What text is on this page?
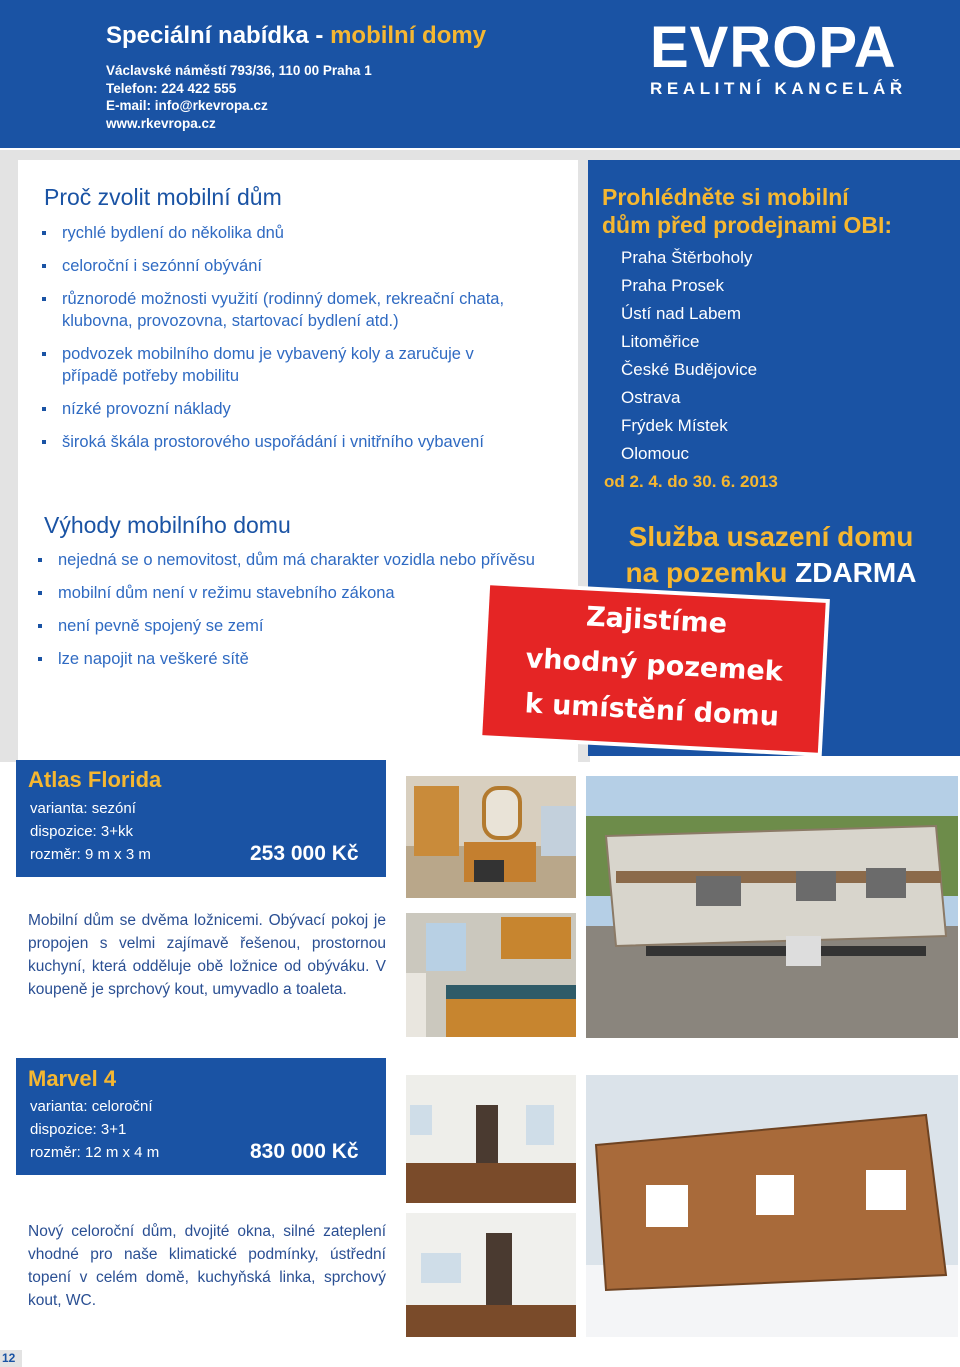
Speciální nabídka - mobilní domy
Václavské náměstí 793/36, 110 00 Praha 1
Telefon: 224 422 555
E-mail: info@rkevropa.cz
www.rkevropa.cz
EVROPA
REALITNÍ KANCELÁŘ
Proč zvolit mobilní dům
rychlé bydlení do několika dnů
celoroční i sezónní obývání
různorodé možnosti využití (rodinný domek, rekreační chata, klubovna, provozovna, startovací bydlení atd.)
podvozek mobilního domu je vybavený koly a zaručuje v případě potřeby mobilitu
nízké provozní náklady
široká škála prostorového uspořádání i vnitřního vybavení
Výhody mobilního domu
nejedná se o nemovitost, dům má charakter vozidla nebo přívěsu
mobilní dům není v režimu stavebního zákona
není pevně spojený se zemí
lze napojit na veškeré sítě
Prohlédněte si mobilní
dům před prodejnami OBI:
Praha Štěrboholy
Praha Prosek
Ústí nad Labem
Litoměřice
České Budějovice
Ostrava
Frýdek Místek
Olomouc
od 2. 4. do 30. 6. 2013
Služba usazení domu
na pozemku ZDARMA
Zajistíme
vhodný pozemek
k umístění domu
Atlas Florida
varianta: sezóní
dispozice: 3+kk
rozměr: 9 m x 3 m	253 000 Kč
Mobilní dům se dvěma ložnicemi. Obývací pokoj je propojen s velmi zajímavě řešenou, prostornou kuchyní, která odděluje obě ložnice od obýváku. V koupeně je sprchový kout, umyvadlo a toaleta.
Marvel 4
varianta: celoroční
dispozice: 3+1
rozměr: 12 m x 4 m	830 000 Kč
Nový celoroční dům, dvojité okna, silné zateplení vhodné pro naše klimatické podmínky, ústřední topení v celém domě, kuchyňská linka, sprchový kout, WC.
12
